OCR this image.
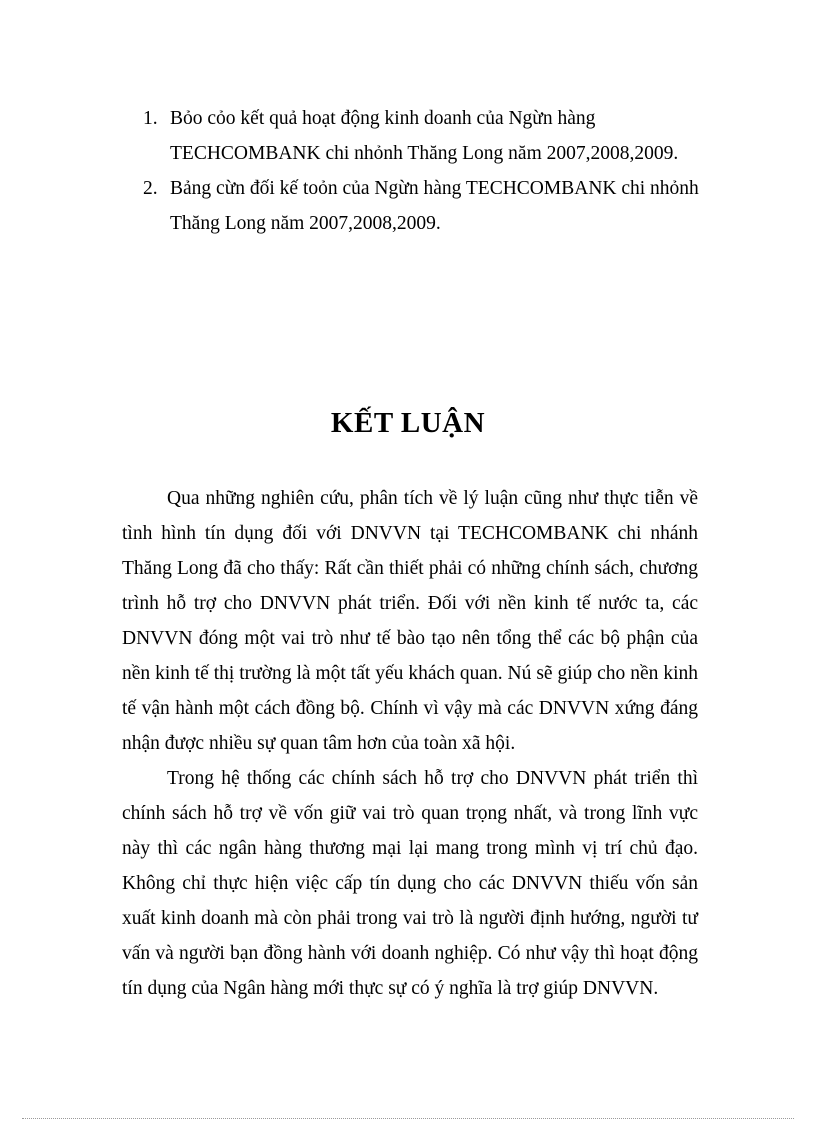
1. Bỏo cỏo kết quả hoạt động kinh doanh của Ngừn hàng TECHCOMBANK chi nhỏnh Thăng Long năm 2007,2008,2009.
2. Bảng cừn đối kế toỏn của Ngừn hàng TECHCOMBANK chi nhỏnh Thăng Long năm 2007,2008,2009.
KẾT LUẬN

Qua những nghiên cứu, phân tích về lý luận cũng như thực tiễn về tình hình tín dụng đối với DNVVN tại TECHCOMBANK chi nhánh Thăng Long đã cho thấy: Rất cần thiết phải có những chính sách, chương trình hỗ trợ cho DNVVN phát triển. Đối với nền kinh tế nước ta, các DNVVN đóng một vai trò như tế bào tạo nên tổng thể các bộ phận của nền kinh tế thị trường là một tất yếu khách quan. Nú sẽ giúp cho nền kinh tế vận hành một cách đồng bộ. Chính vì vậy mà các DNVVN xứng đáng nhận được nhiều sự quan tâm hơn của toàn xã hội.

Trong hệ thống các chính sách hỗ trợ cho DNVVN phát triển thì chính sách hỗ trợ về vốn giữ vai trò quan trọng nhất, và trong lĩnh vực này thì các ngân hàng thương mại lại mang trong mình vị trí chủ đạo. Không chỉ thực hiện việc cấp tín dụng cho các DNVVN thiếu vốn sản xuất kinh doanh mà còn phải trong vai trò là người định hướng, người tư vấn và người bạn đồng hành với doanh nghiệp. Có như vậy thì hoạt động tín dụng của Ngân hàng mới thực sự có ý nghĩa là trợ giúp DNVVN.
